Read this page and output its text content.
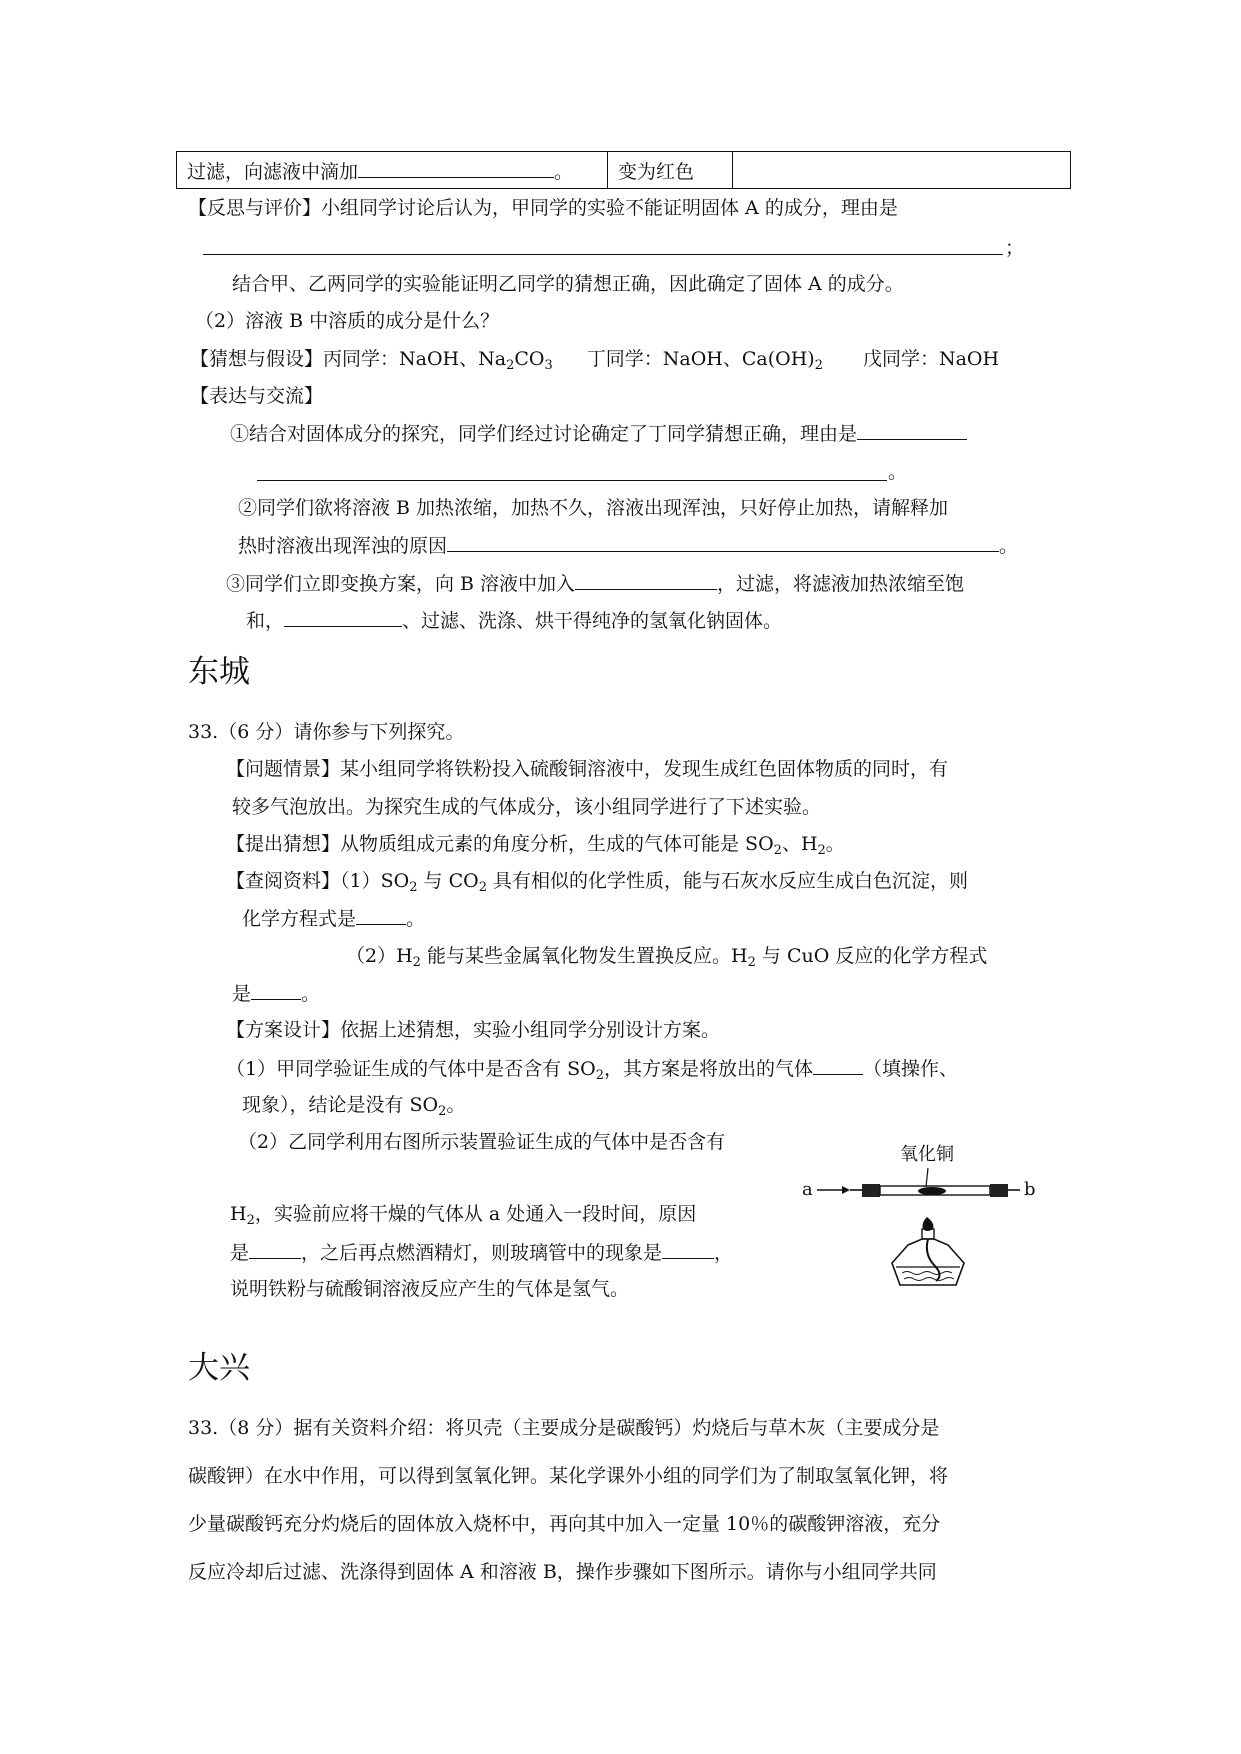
过滤，向滤液中滴加	。	变为红色	
【反思与评价】小组同学讨论后认为，甲同学的实验不能证明固体 A 的成分，理由是
；
结合甲、乙两同学的实验能证明乙同学的猜想正确，因此确定了固体 A 的成分。
（2）溶液 B 中溶质的成分是什么？
【猜想与假设】丙同学：NaOH、$Na_2CO_3$ 丁同学：NaOH、$Ca(OH)_2$ 戊同学：NaOH
【表达与交流】
①结合对固体成分的探究，同学们经过讨论确定了丁同学猜想正确，理由是
。
②同学们欲将溶液 B 加热浓缩，加热不久，溶液出现浑浊，只好停止加热，请解释加
热时溶液出现浑浊的原因	。
③同学们立即变换方案，向 B 溶液中加入	，过滤，将滤液加热浓缩至饱
和，	、过滤、洗涤、烘干得纯净的氢氧化钠固体。
东城
33.（6 分）请你参与下列探究。
【问题情景】某小组同学将铁粉投入硫酸铜溶液中，发现生成红色固体物质的同时，有
较多气泡放出。为探究生成的气体成分，该小组同学进行了下述实验。
【提出猜想】从物质组成元素的角度分析，生成的气体可能是 $SO_2$、$H_2$。
【查阅资料】$(1)SO_2$ 与 $CO_2$ 具有相似的化学性质，能与石灰水反应生成白色沉淀，则
化学方程式是	。
$(2)H_2$ 能与某些金属氧化物发生置换反应。$H_2$ 与 CuO 反应的化学方程式
是	。
【方案设计】依据上述猜想，实验小组同学分别设计方案。
（1）甲同学验证生成的气体中是否含有 $SO_2$，其方案是将放出的气体	（填操作、
现象），结论是没有 $SO_2$。
（2）乙同学利用右图所示装置验证生成的气体中是否含有
$H_2$，实验前应将干燥的气体从 a 处通入一段时间，原因
是	，之后再点燃酒精灯，则玻璃管中的现象是	，
说明铁粉与硫酸铜溶液反应产生的气体是氢气。
氧化铜
a	b
大兴
33.（8 分）据有关资料介绍：将贝壳（主要成分是碳酸钙）灼烧后与草木灰（主要成分是
碳酸钾）在水中作用，可以得到氢氧化钾。某化学课外小组的同学们为了制取氢氧化钾，将
少量碳酸钙充分灼烧后的固体放入烧杯中，再向其中加入一定量 10％的碳酸钾溶液，充分
反应冷却后过滤、洗涤得到固体 A 和溶液 B，操作步骤如下图所示。请你与小组同学共同
